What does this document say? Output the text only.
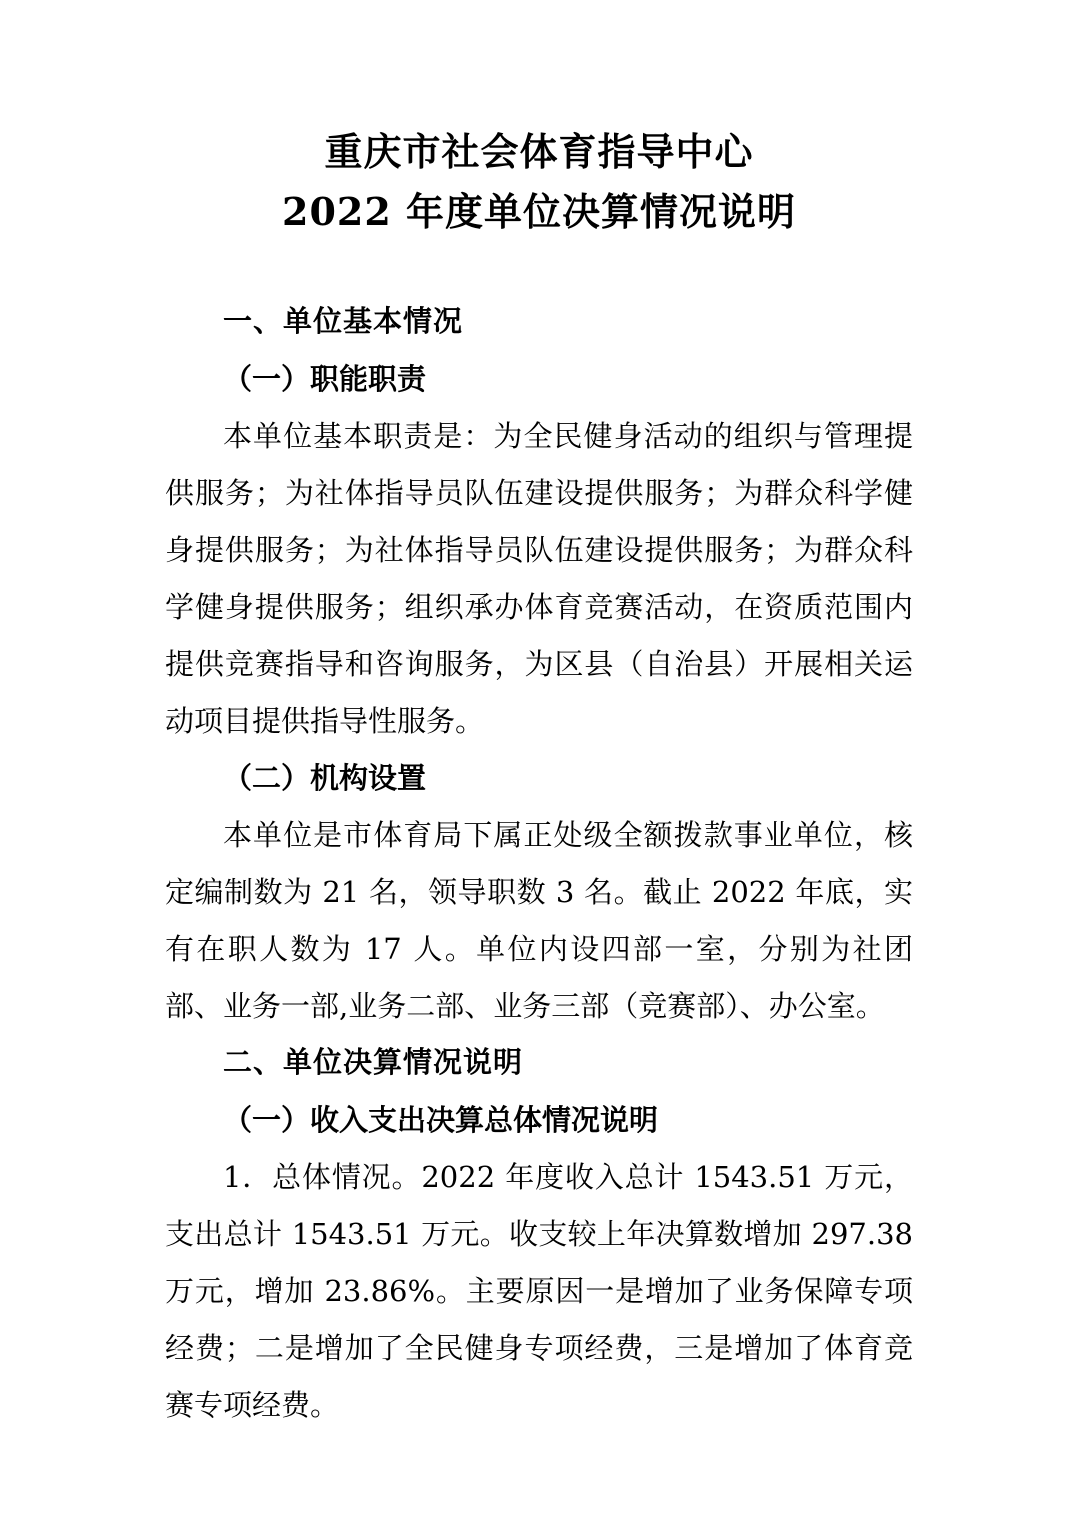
重庆市社会体育指导中心
2022 年度单位决算情况说明
一、单位基本情况
（一）职能职责

本单位基本职责是：为全民健身活动的组织与管理提供服务；为社体指导员队伍建设提供服务；为群众科学健身提供服务；为社体指导员队伍建设提供服务；为群众科学健身提供服务；组织承办体育竞赛活动，在资质范围内提供竞赛指导和咨询服务，为区县（自治县）开展相关运动项目提供指导性服务。

（二）机构设置

本单位是市体育局下属正处级全额拨款事业单位，核定编制数为 21 名，领导职数 3 名。截止 2022 年底，实有在职人数为 17 人。单位内设四部一室，分别为社团部、业务一部,业务二部、业务三部（竞赛部）、办公室。

二、单位决算情况说明
（一）收入支出决算总体情况说明

1．总体情况。2022 年度收入总计 1543.51 万元，支出总计 1543.51 万元。收支较上年决算数增加 297.38 万元，增加 23.86%。主要原因一是增加了业务保障专项经费；二是增加了全民健身专项经费，三是增加了体育竞赛专项经费。
